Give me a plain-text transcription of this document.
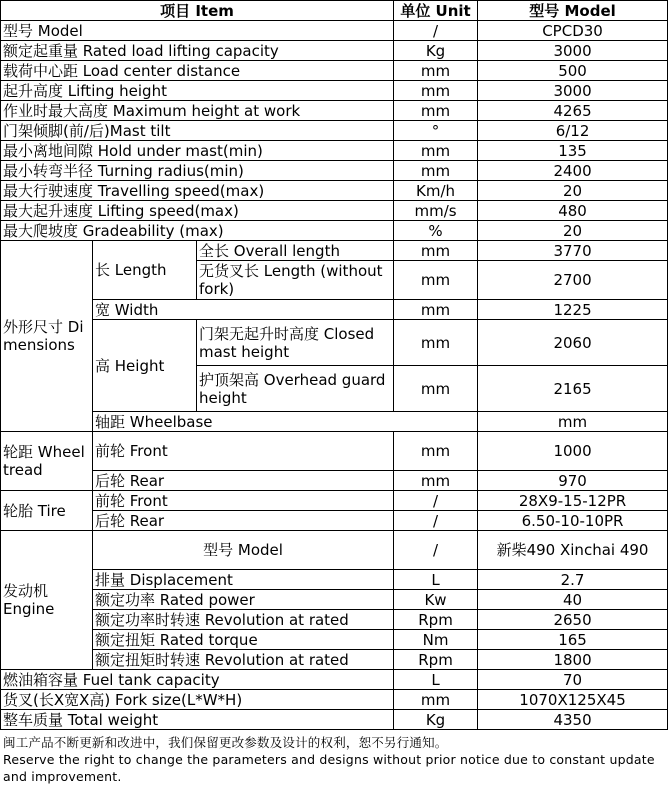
项目 Item			单位 Unit	型号 Model	
型号 Model			/	CPCD30	
额定起重量 Rated load lifting capacity			Kg	3000	
载荷中心距 Load center distance			mm	500	
起升高度 Lifting height			mm	3000	
作业时最大高度 Maximum height at work			mm	4265	
门架倾脚(前/后)Mast tilt			°	6/12	
最小离地间隙 Hold under mast(min)			mm	135	
最小转弯半径 Turning radius(min)			mm	2400	
最大行驶速度 Travelling speed(max)			Km/h	20	
最大起升速度 Lifting speed(max)			mm/s	480	
最大爬坡度 Gradeability (max)			%	20	
外形尺寸 Dimensions	长 Length	全长 Overall length	mm	3770	
		无货叉长 Length (without fork)	mm	2700	
	宽 Width		mm	1225	
	高 Height	门架无起升时高度 Closed mast height	mm	2060	
		护顶架高 Overhead guard height	mm	2165	
	轴距 Wheelbase			mm	
轮距 Wheel tread	前轮 Front		mm	1000	
	后轮 Rear		mm	970	
轮胎 Tire	前轮 Front		/	28X9-15-12PR	
	后轮 Rear		/	6.50-10-10PR	
发动机 Engine	型号 Model		/	新柴490 Xinchai 490	
	排量 Displacement		L	2.7	
	额定功率 Rated power		Kw	40	
	额定功率时转速 Revolution at rated		Rpm	2650	
	额定扭矩 Rated torque		Nm	165	
	额定扭矩时转速 Revolution at rated		Rpm	1800	
燃油箱容量 Fuel tank capacity			L	70	
货叉(长X宽X高) Fork size(L*W*H)			mm	1070X125X45	
整车质量 Total weight			Kg	4350	
闽工产品不断更新和改进中，我们保留更改参数及设计的权利，恕不另行通知。
Reserve the right to change the parameters and designs without prior notice due to constant update and improvement.
